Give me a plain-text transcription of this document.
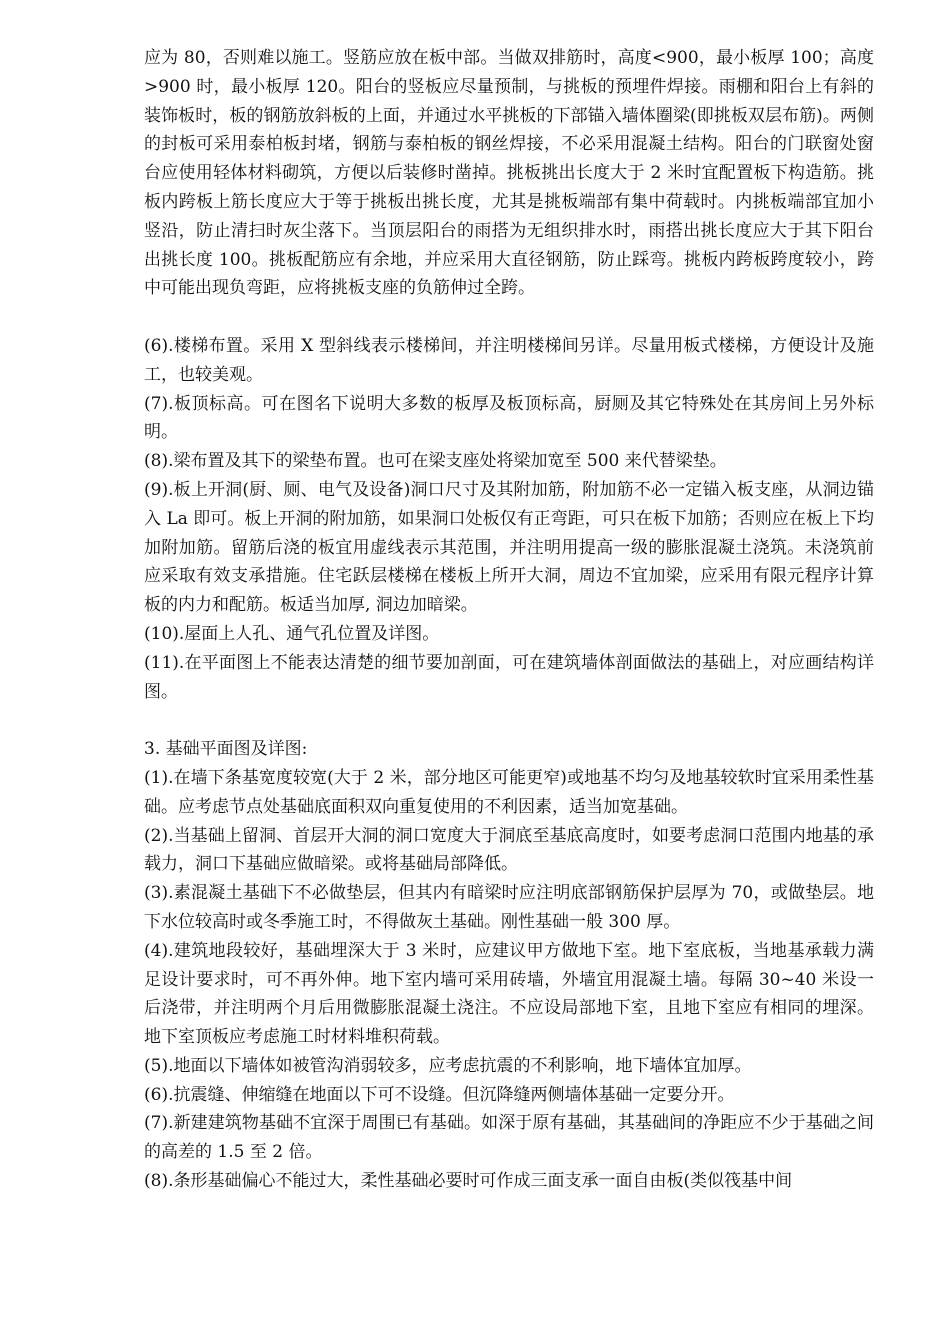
应为 80，否则难以施工。竖筋应放在板中部。当做双排筋时，高度<900，最小板厚 100；高度>900 时，最小板厚 120。阳台的竖板应尽量预制，与挑板的预埋件焊接。雨棚和阳台上有斜的装饰板时，板的钢筋放斜板的上面，并通过水平挑板的下部锚入墙体圈梁(即挑板双层布筋)。两侧的封板可采用泰柏板封堵，钢筋与泰柏板的钢丝焊接，不必采用混凝土结构。阳台的门联窗处窗台应使用轻体材料砌筑，方便以后装修时凿掉。挑板挑出长度大于 2 米时宜配置板下构造筋。挑板内跨板上筋长度应大于等于挑板出挑长度，尤其是挑板端部有集中荷载时。内挑板端部宜加小竖沿，防止清扫时灰尘落下。当顶层阳台的雨搭为无组织排水时，雨搭出挑长度应大于其下阳台出挑长度 100。挑板配筋应有余地，并应采用大直径钢筋，防止踩弯。挑板内跨板跨度较小，跨中可能出现负弯距，应将挑板支座的负筋伸过全跨。

(6).楼梯布置。采用 X 型斜线表示楼梯间，并注明楼梯间另详。尽量用板式楼梯，方便设计及施工，也较美观。

(7).板顶标高。可在图名下说明大多数的板厚及板顶标高，厨厕及其它特殊处在其房间上另外标明。

(8).梁布置及其下的梁垫布置。也可在梁支座处将梁加宽至 500 来代替梁垫。

(9).板上开洞(厨、厕、电气及设备)洞口尺寸及其附加筋，附加筋不必一定锚入板支座，从洞边锚入 La 即可。板上开洞的附加筋，如果洞口处板仅有正弯距，可只在板下加筋；否则应在板上下均加附加筋。留筋后浇的板宜用虚线表示其范围，并注明用提高一级的膨胀混凝土浇筑。未浇筑前应采取有效支承措施。住宅跃层楼梯在楼板上所开大洞，周边不宜加梁，应采用有限元程序计算板的内力和配筋。板适当加厚, 洞边加暗梁。

(10).屋面上人孔、通气孔位置及详图。

(11).在平面图上不能表达清楚的细节要加剖面，可在建筑墙体剖面做法的基础上，对应画结构详图。

3. 基础平面图及详图:

(1).在墙下条基宽度较宽(大于 2 米，部分地区可能更窄)或地基不均匀及地基较软时宜采用柔性基础。应考虑节点处基础底面积双向重复使用的不利因素，适当加宽基础。

(2).当基础上留洞、首层开大洞的洞口宽度大于洞底至基底高度时，如要考虑洞口范围内地基的承载力，洞口下基础应做暗梁。或将基础局部降低。

(3).素混凝土基础下不必做垫层，但其内有暗梁时应注明底部钢筋保护层厚为 70，或做垫层。地下水位较高时或冬季施工时，不得做灰土基础。刚性基础一般 300 厚。

(4).建筑地段较好，基础埋深大于 3 米时，应建议甲方做地下室。地下室底板，当地基承载力满足设计要求时，可不再外伸。地下室内墙可采用砖墙，外墙宜用混凝土墙。每隔 30~40 米设一后浇带，并注明两个月后用微膨胀混凝土浇注。不应设局部地下室，且地下室应有相同的埋深。地下室顶板应考虑施工时材料堆积荷载。

(5).地面以下墙体如被管沟消弱较多，应考虑抗震的不利影响，地下墙体宜加厚。

(6).抗震缝、伸缩缝在地面以下可不设缝。但沉降缝两侧墙体基础一定要分开。

(7).新建建筑物基础不宜深于周围已有基础。如深于原有基础，其基础间的净距应不少于基础之间的高差的 1.5 至 2 倍。

(8).条形基础偏心不能过大，柔性基础必要时可作成三面支承一面自由板(类似筏基中间
